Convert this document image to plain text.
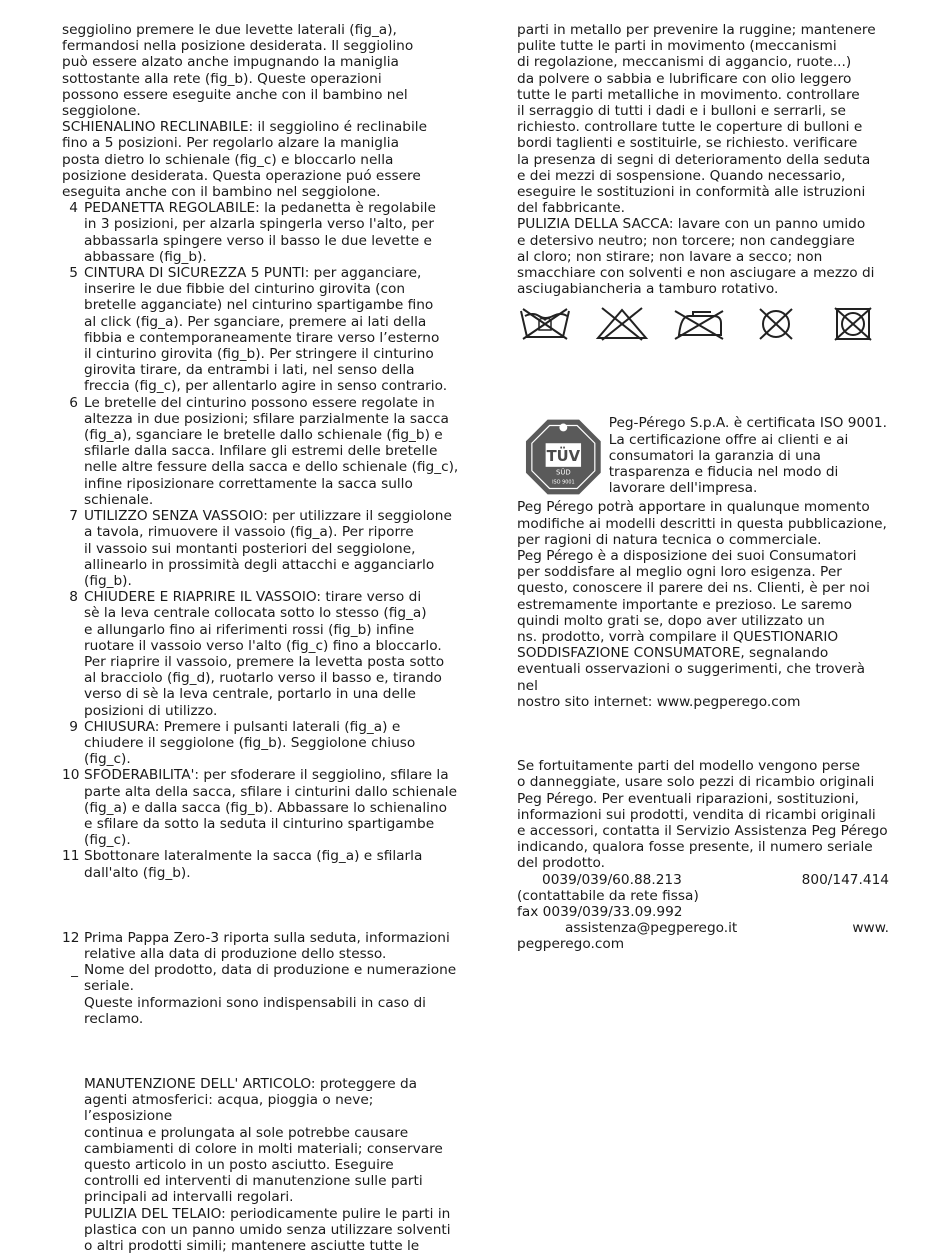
seggiolino premere le due levette laterali (fig_a),
fermandosi nella posizione desiderata. Il seggiolino
può essere alzato anche impugnando la maniglia
sottostante alla rete (fig_b). Queste operazioni
possono essere eseguite anche con il bambino nel
seggiolone.
SCHIENALINO RECLINABILE: il seggiolino é reclinabile
fino a 5 posizioni. Per regolarlo alzare la maniglia
posta dietro lo schienale (fig_c) e bloccarlo nella
posizione desiderata. Questa operazione puó essere
eseguita anche con il bambino nel seggiolone.
4 PEDANETTA REGOLABILE: la pedanetta è regolabile
in 3 posizioni, per alzarla spingerla verso l'alto, per
abbassarla spingere verso il basso le due levette e
abbassare (fig_b).
5 CINTURA DI SICUREZZA 5 PUNTI: per agganciare,
inserire le due fibbie del cinturino girovita (con
bretelle agganciate) nel cinturino spartigambe fino
al click (fig_a). Per sganciare, premere ai lati della
fibbia e contemporaneamente tirare verso l’esterno
il cinturino girovita (fig_b). Per stringere il cinturino
girovita tirare, da entrambi i lati, nel senso della
freccia (fig_c), per allentarlo agire in senso contrario.
6 Le bretelle del cinturino possono essere regolate in
altezza in due posizioni; sfilare parzialmente la sacca
(fig_a), sganciare le bretelle dallo schienale (fig_b) e
sfilarle dalla sacca. Infilare gli estremi delle bretelle
nelle altre fessure della sacca e dello schienale (fig_c),
infine riposizionare correttamente la sacca sullo
schienale.
7 UTILIZZO SENZA VASSOIO: per utilizzare il seggiolone
a tavola, rimuovere il vassoio (fig_a). Per riporre
il vassoio sui montanti posteriori del seggiolone,
allinearlo in prossimità degli attacchi e agganciarlo
(fig_b).
8 CHIUDERE E RIAPRIRE IL VASSOIO: tirare verso di
sè la leva centrale collocata sotto lo stesso (fig_a)
e allungarlo fino ai riferimenti rossi (fig_b) infine
ruotare il vassoio verso l'alto (fig_c) fino a bloccarlo.
Per riaprire il vassoio, premere la levetta posta sotto
al bracciolo (fig_d), ruotarlo verso il basso e, tirando
verso di sè la leva centrale, portarlo in una delle
posizioni di utilizzo.
9 CHIUSURA: Premere i pulsanti laterali (fig_a) e
chiudere il seggiolone (fig_b). Seggiolone chiuso
(fig_c).
10 SFODERABILITA': per sfoderare il seggiolino, sfilare la
parte alta della sacca, sfilare i cinturini dallo schienale
(fig_a) e dalla sacca (fig_b). Abbassare lo schienalino
e sfilare da sotto la seduta il cinturino spartigambe
(fig_c).
11 Sbottonare lateralmente la sacca (fig_a) e sfilarla
dall'alto (fig_b).
12 Prima Pappa Zero-3 riporta sulla seduta, informazioni
relative alla data di produzione dello stesso.
_ Nome del prodotto, data di produzione e numerazione
seriale.
Queste informazioni sono indispensabili in caso di
reclamo.
MANUTENZIONE DELL' ARTICOLO: proteggere da
agenti atmosferici: acqua, pioggia o neve; l’esposizione
continua e prolungata al sole potrebbe causare
cambiamenti di colore in molti materiali; conservare
questo articolo in un posto asciutto. Eseguire
controlli ed interventi di manutenzione sulle parti
principali ad intervalli regolari.
PULIZIA DEL TELAIO: periodicamente pulire le parti in
plastica con un panno umido senza utilizzare solventi
o altri prodotti simili; mantenere asciutte tutte le
parti in metallo per prevenire la ruggine; mantenere
pulite tutte le parti in movimento (meccanismi
di regolazione, meccanismi di aggancio, ruote...)
da polvere o sabbia e lubrificare con olio leggero
tutte le parti metalliche in movimento. controllare
il serraggio di tutti i dadi e i bulloni e serrarli, se
richiesto. controllare tutte le coperture di bulloni e
bordi taglienti e sostituirle, se richiesto. verificare
la presenza di segni di deterioramento della seduta
e dei mezzi di sospensione. Quando necessario,
eseguire le sostituzioni in conformità alle istruzioni
del fabbricante.
PULIZIA DELLA SACCA: lavare con un panno umido
e detersivo neutro; non torcere; non candeggiare
al cloro; non stirare; non lavare a secco; non
smacchiare con solventi e non asciugare a mezzo di
asciugabiancheria a tamburo rotativo.
TÜV
SÜD
ISO 9001
Peg-Pérego S.p.A. è certificata ISO 9001.
La certificazione offre ai clienti e ai
consumatori la garanzia di una
trasparenza e fiducia nel modo di
lavorare dell'impresa.
Peg Pérego potrà apportare in qualunque momento
modifiche ai modelli descritti in questa pubblicazione,
per ragioni di natura tecnica o commerciale.
Peg Pérego è a disposizione dei suoi Consumatori
per soddisfare al meglio ogni loro esigenza. Per
questo, conoscere il parere dei ns. Clienti, è per noi
estremamente importante e prezioso. Le saremo
quindi molto grati se, dopo aver utilizzato un
ns. prodotto, vorrà compilare il QUESTIONARIO
SODDISFAZIONE CONSUMATORE, segnalando
eventuali osservazioni o suggerimenti, che troverà nel
nostro sito internet: www.pegperego.com
Se fortuitamente parti del modello vengono perse
o danneggiate, usare solo pezzi di ricambio originali
Peg Pérego. Per eventuali riparazioni, sostituzioni,
informazioni sui prodotti, vendita di ricambi originali
e accessori, contatta il Servizio Assistenza Peg Pérego
indicando, qualora fosse presente, il numero seriale
del prodotto.
0039/039/60.88.213	800/147.414
(contattabile da rete fissa)
fax 0039/039/33.09.992
assistenza@pegperego.it	www.
pegperego.com
